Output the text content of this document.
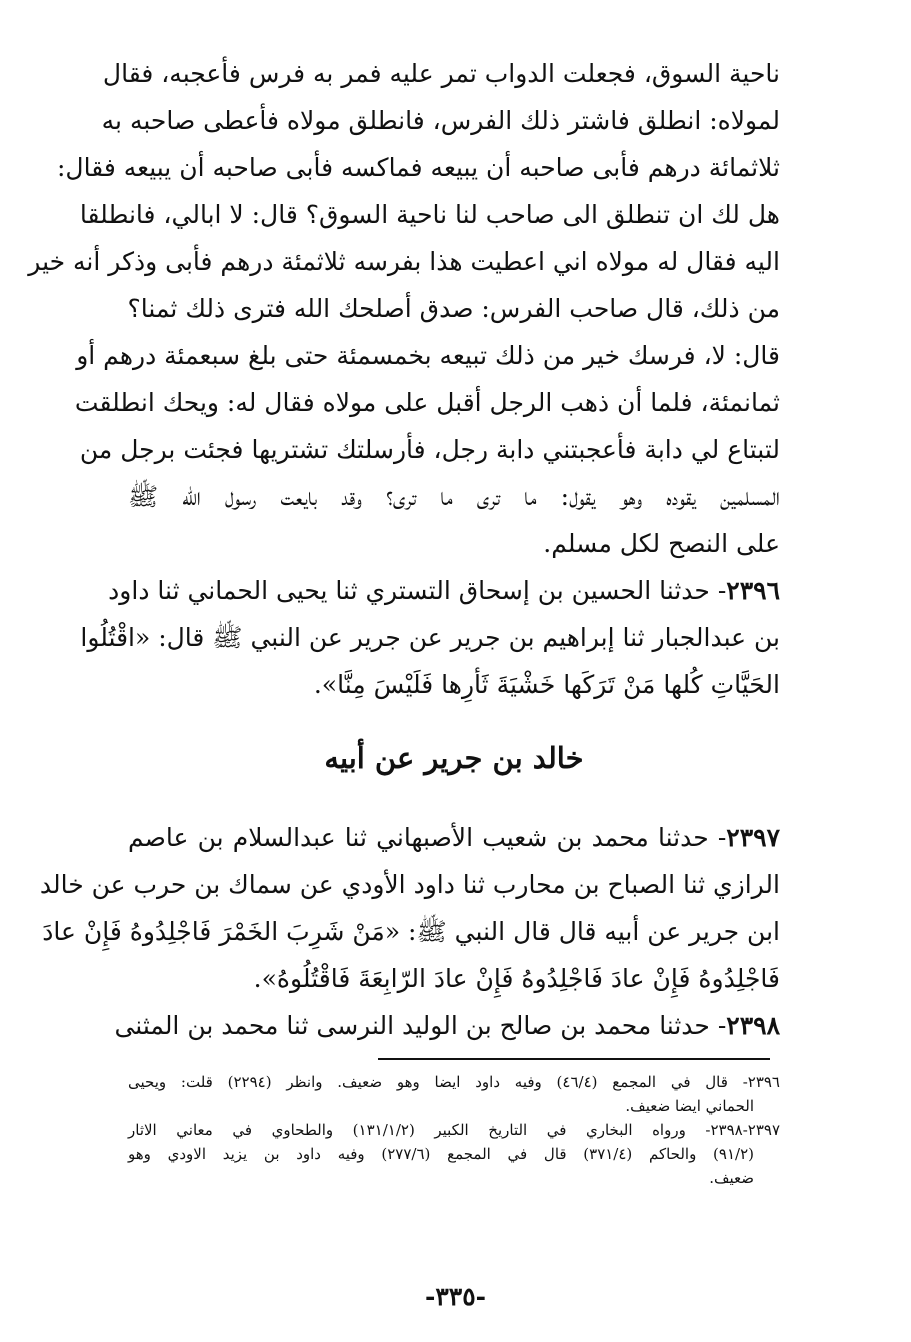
ناحية السوق، فجعلت الدواب تمر عليه فمر به فرس فأعجبه، فقال
لمولاه: انطلق فاشتر ذلك الفرس، فانطلق مولاه فأعطى صاحبه به
ثلاثمائة درهم فأبى صاحبه أن يبيعه فماكسه فأبى صاحبه أن يبيعه فقال:
هل لك ان تنطلق الى صاحب لنا ناحية السوق؟ قال: لا ابالي، فانطلقا
اليه فقال له مولاه اني اعطيت هذا بفرسه ثلاثمئة درهم فأبى وذكر أنه خير
من ذلك، قال صاحب الفرس: صدق أصلحك الله فترى ذلك ثمنا؟
قال: لا، فرسك خير من ذلك تبيعه بخمسمئة حتى بلغ سبعمئة درهم أو
ثمانمئة، فلما أن ذهب الرجل أقبل على مولاه فقال له: ويحك انطلقت
لتبتاع لي دابة فأعجبتني دابة رجل، فأرسلتك تشتريها فجئت برجل من
المسلمين يقوده وهو يقول: ما ترى ما ترى؟ وقد بايعت رسول الله ﷺ
على النصح لكل مسلم.
٢٣٩٦- حدثنا الحسين بن إسحاق التستري ثنا يحيى الحماني ثنا داود
بن عبدالجبار ثنا إبراهيم بن جرير عن جرير عن النبي ﷺ قال: «اقْتُلُوا
الحَيَّاتِ كُلها مَنْ تَرَكَها خَشْيَةَ ثَأرِها فَلَيْسَ مِنَّا».
خالد بن جرير عن أبيه
٢٣٩٧- حدثنا محمد بن شعيب الأصبهاني ثنا عبدالسلام بن عاصم
الرازي ثنا الصباح بن محارب ثنا داود الأودي عن سماك بن حرب عن خالد
ابن جرير عن أبيه قال قال النبي ﷺ: «مَنْ شَرِبَ الخَمْرَ فَاجْلِدُوهُ فَإِنْ عادَ
فَاجْلِدُوهُ فَإِنْ عادَ فَاجْلِدُوهُ فَإِنْ عادَ الرّابِعَةَ فَاقْتُلُوهُ».
٢٣٩٨- حدثنا محمد بن صالح بن الوليد النرسى ثنا محمد بن المثنى
٢٣٩٦- قال في المجمع (٤٦/٤) وفيه داود ايضا وهو ضعيف. وانظر (٢٢٩٤) قلت: ويحيى
الحماني ايضا ضعيف.
٢٣٩٧-٢٣٩٨- ورواه البخاري في التاريخ الكبير (١٣١/١/٢) والطحاوي في معاني الاثار
(٩١/٢) والحاكم (٣٧١/٤) قال في المجمع (٢٧٧/٦) وفيه داود بن يزيد الاودي وهو
ضعيف.
-٣٣٥-
